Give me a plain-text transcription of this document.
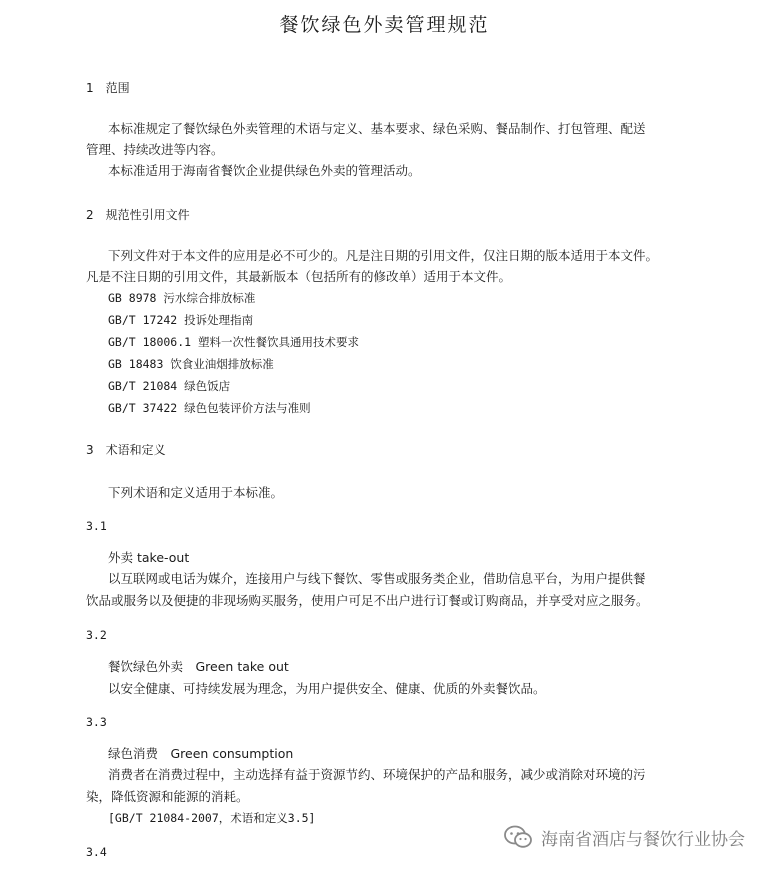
餐饮绿色外卖管理规范
1　范围
本标准规定了餐饮绿色外卖管理的术语与定义、基本要求、绿色采购、餐品制作、打包管理、配送
管理、持续改进等内容。
本标准适用于海南省餐饮企业提供绿色外卖的管理活动。
2　规范性引用文件
下列文件对于本文件的应用是必不可少的。凡是注日期的引用文件，仅注日期的版本适用于本文件。
凡是不注日期的引用文件，其最新版本（包括所有的修改单）适用于本文件。
GB 8978 污水综合排放标准
GB/T 17242 投诉处理指南
GB/T 18006.1 塑料一次性餐饮具通用技术要求
GB 18483 饮食业油烟排放标准
GB/T 21084 绿色饭店
GB/T 37422 绿色包装评价方法与准则
3　术语和定义
下列术语和定义适用于本标准。
3.1
外卖 take-out
以互联网或电话为媒介，连接用户与线下餐饮、零售或服务类企业，借助信息平台，为用户提供餐
饮品或服务以及便捷的非现场购买服务，使用户可足不出户进行订餐或订购商品，并享受对应之服务。
3.2
餐饮绿色外卖　Green take out
以安全健康、可持续发展为理念，为用户提供安全、健康、优质的外卖餐饮品。
3.3
绿色消费　Green consumption
消费者在消费过程中，主动选择有益于资源节约、环境保护的产品和服务，减少或消除对环境的污
染，降低资源和能源的消耗。
[GB/T 21084-2007，术语和定义3.5]
3.4
海南省酒店与餐饮行业协会
